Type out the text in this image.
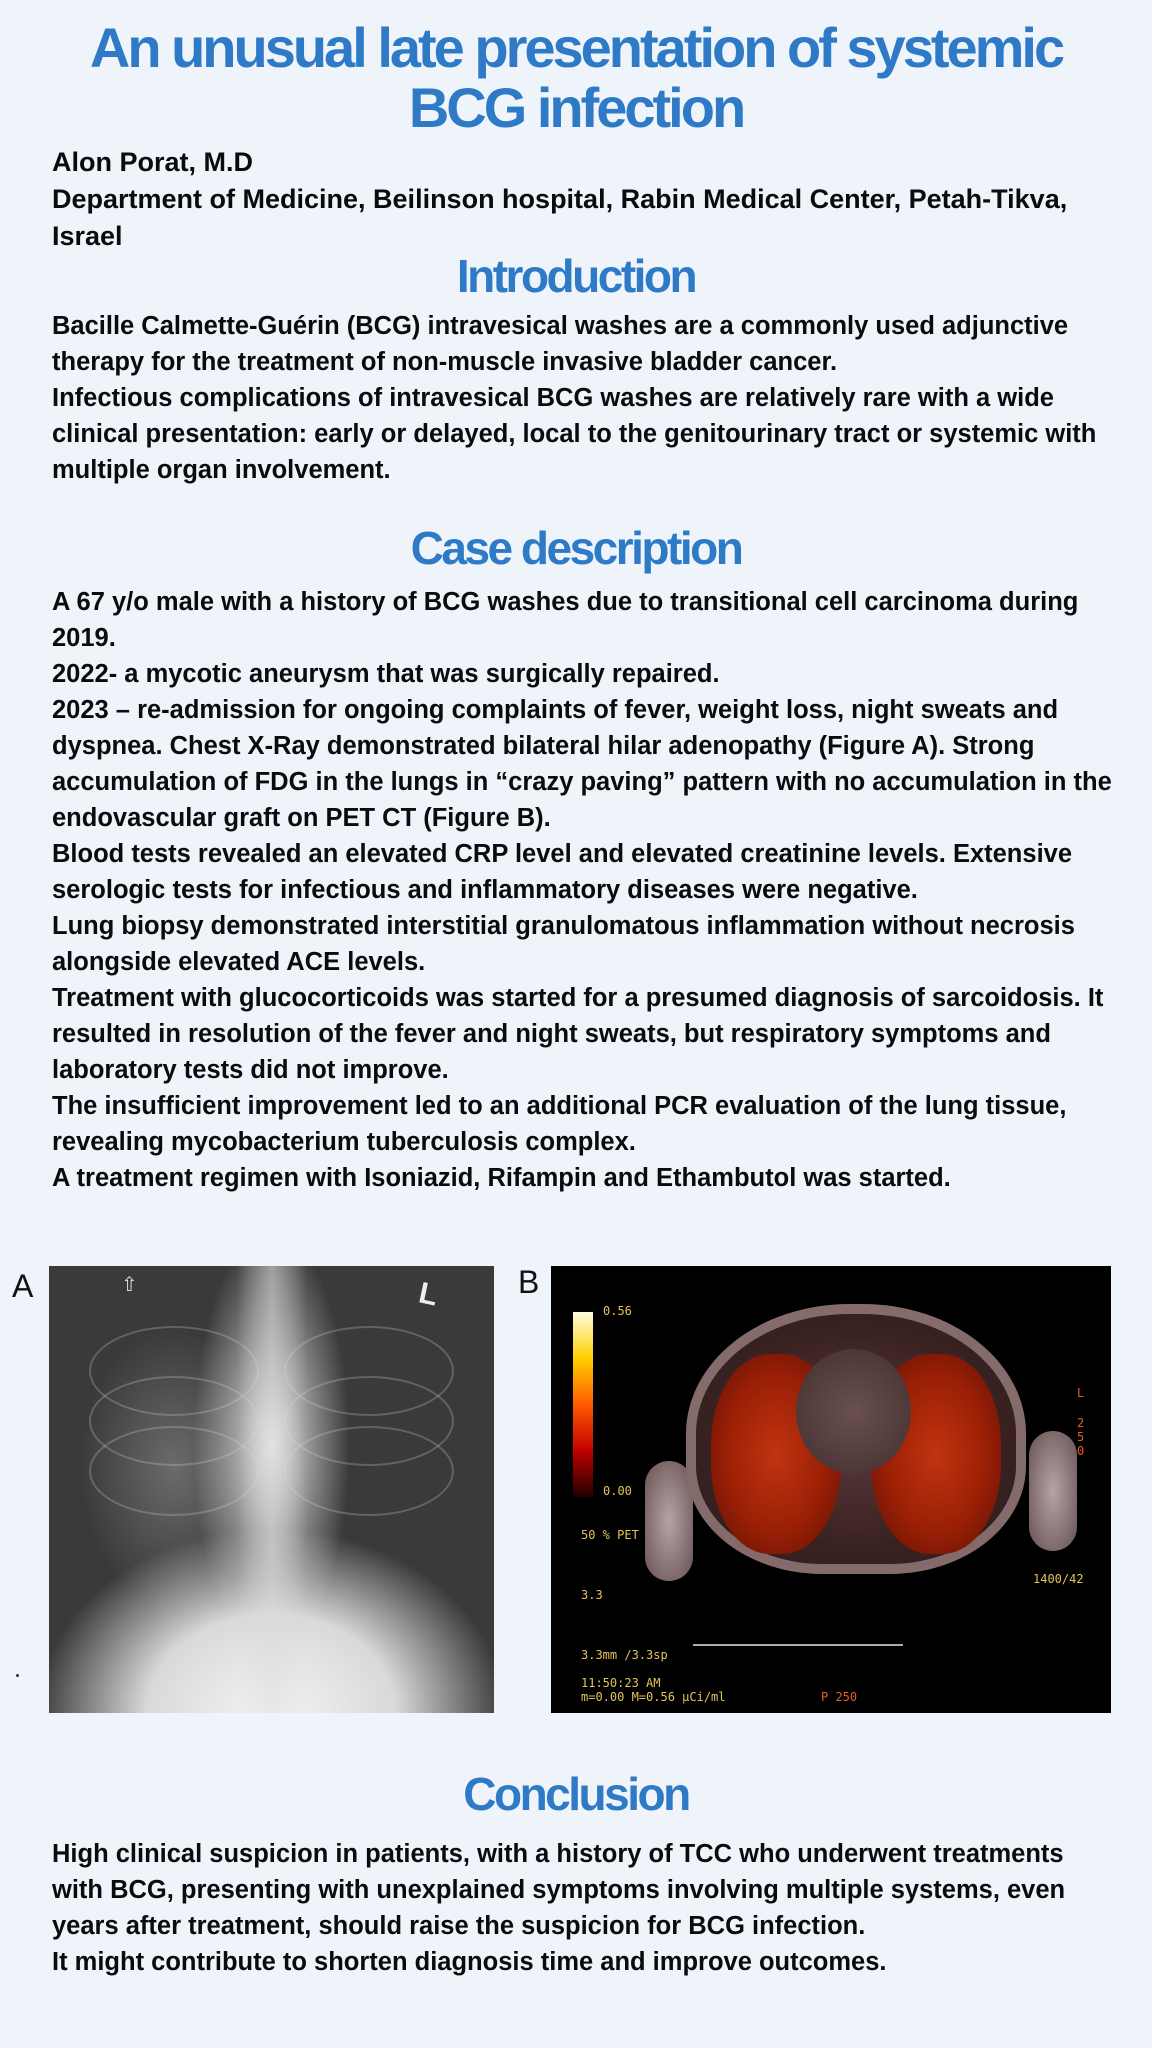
An unusual late presentation of systemic
BCG infection
Alon Porat, M.D
Department of Medicine, Beilinson hospital, Rabin Medical Center, Petah-Tikva, Israel
Introduction

Bacille Calmette-Guérin (BCG) intravesical washes are a commonly used adjunctive therapy for the treatment of non-muscle invasive bladder cancer.

Infectious complications of intravesical BCG washes are relatively rare with a wide clinical presentation: early or delayed, local to the genitourinary tract or systemic with multiple organ involvement.

Case description

A 67 y/o male with a history of BCG washes due to transitional cell carcinoma during 2019.

2022- a mycotic aneurysm that was surgically repaired.

2023 – re-admission for ongoing complaints of fever, weight loss, night sweats and dyspnea. Chest X-Ray demonstrated bilateral hilar adenopathy (Figure A). Strong accumulation of FDG in the lungs in “crazy paving” pattern with no accumulation in the endovascular graft on PET CT (Figure B).

Blood tests revealed an elevated CRP level and elevated creatinine levels. Extensive serologic tests for infectious and inflammatory diseases were negative.

Lung biopsy demonstrated interstitial granulomatous inflammation without necrosis alongside elevated ACE levels.

Treatment with glucocorticoids was started for a presumed diagnosis of sarcoidosis. It resulted in resolution of the fever and night sweats, but respiratory symptoms and laboratory tests did not improve.

The insufficient improvement led to an additional PCR evaluation of the lung tissue, revealing mycobacterium tuberculosis complex.

A treatment regimen with Isoniazid, Rifampin and Ethambutol was started.

A	B
⇧	L	0.56
0.00
50 % PET
3.3
3.3mm /3.3sp
11:50:23 AM
m=0.00 M=0.56 µCi/ml	P 250
1400/42
L
2
5
0
Conclusion

High clinical suspicion in patients, with a history of TCC who underwent treatments with BCG, presenting with unexplained symptoms involving multiple systems, even years after treatment, should raise the suspicion for BCG infection.

It might contribute to shorten diagnosis time and improve outcomes.
